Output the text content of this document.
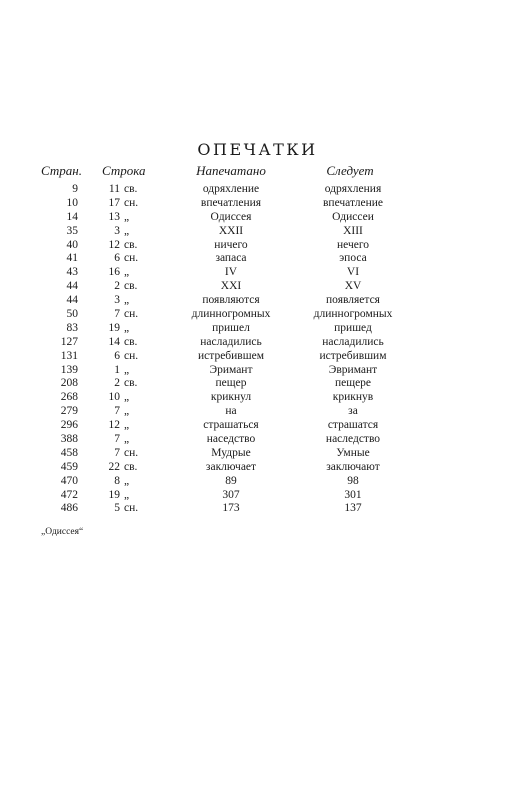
ОПЕЧАТКИ
Стран. Строка	Напечатано	Следует
9	11 св.	одряхление	одряхления
10	17 сн.	впечатления	впечатление
14	13 „	Одиссея	Одиссеи
35	3 „	XXII	XIII
40	12 св.	ничего	нечего
41	6 сн.	запаса	эпоса
43	16 „	IV	VI
44	2 св.	XXI	XV
44	3 „	появляются	появляется
50	7 сн.	длинногромных	длинногромных
83	19 „	пришел	пришед
127	14 св.	насладились	насладились
131	6 сн.	истребившем	истребившим
139	1 „	Эримант	Эвримант
208	2 св.	пещер	пещере
268	10 „	крикнул	крикнув
279	7 „	на	за
296	12 „	страшаться	страшатся
388	7 „	наседство	наследство
458	7 сн.	Мудрые	Умные
459	22 св.	заключает	заключают
470	8 „	89	98
472	19 „	307	301
486	5 сн.	173	137
„Одиссея“
